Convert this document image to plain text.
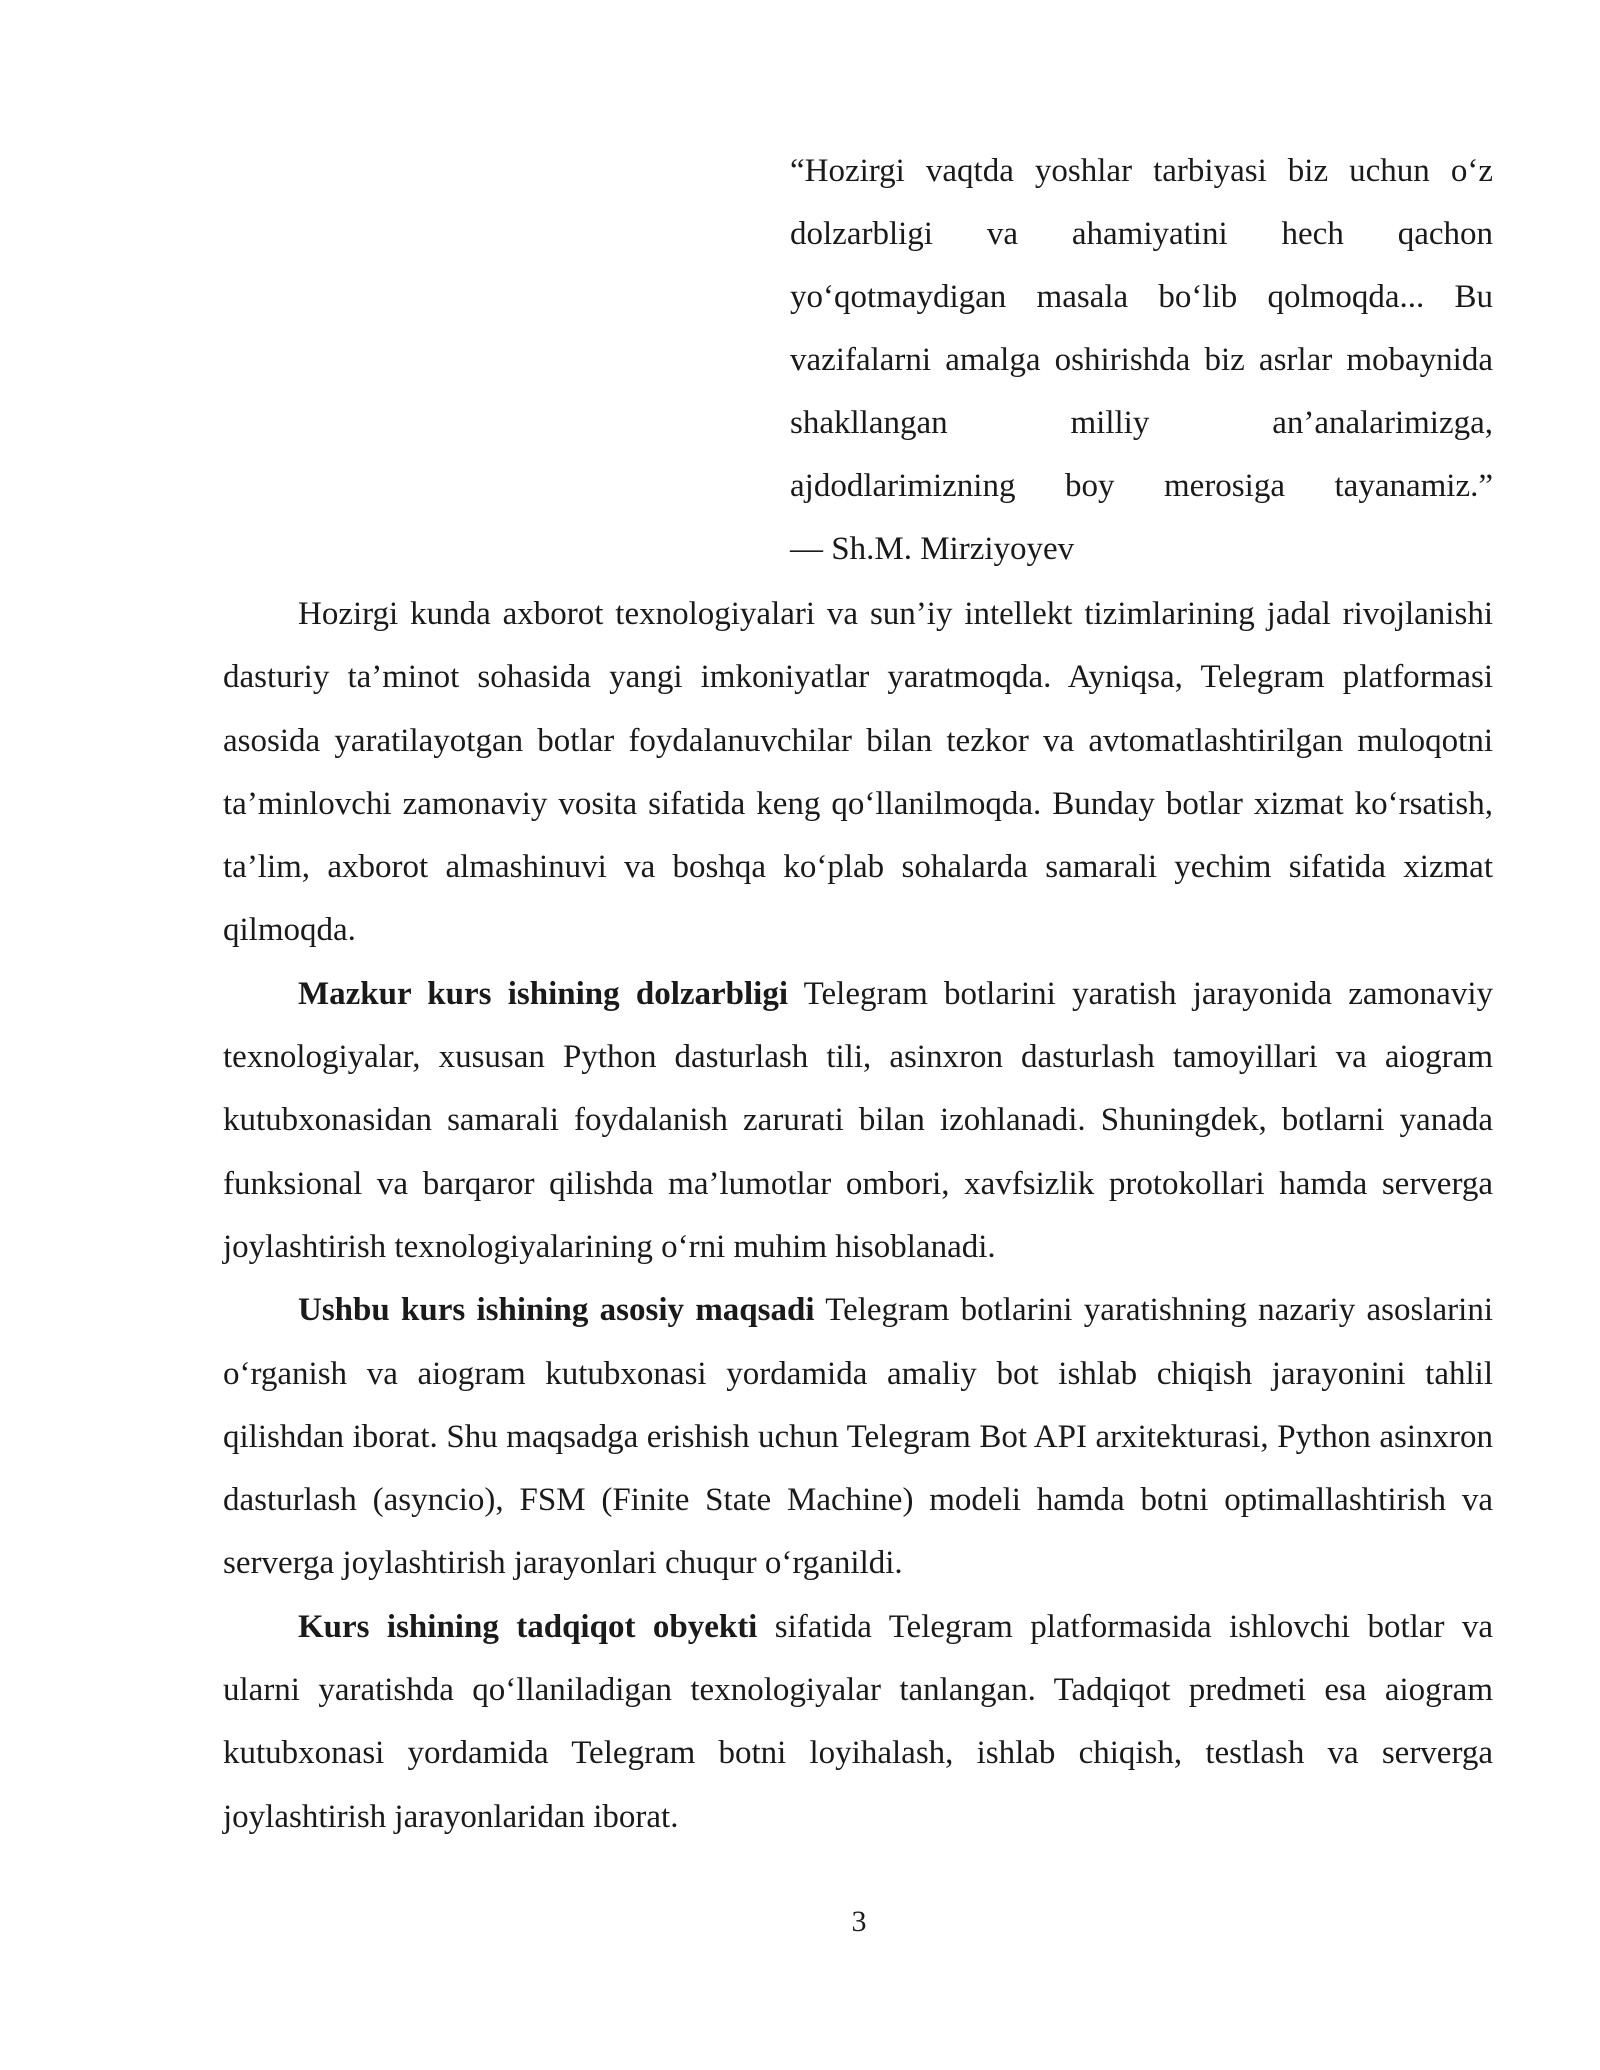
“Hozirgi vaqtda yoshlar tarbiyasi biz uchun o‘z dolzarbligi va ahamiyatini hech qachon yo‘qotmaydigan masala bo‘lib qolmoqda... Bu vazifalarni amalga oshirishda biz asrlar mobaynida shakllangan milliy an’analarimizga, ajdodlarimizning boy merosiga tayanamiz.”
— Sh.M. Mirziyoyev

Hozirgi kunda axborot texnologiyalari va sun’iy intellekt tizimlarining jadal rivojlanishi dasturiy ta’minot sohasida yangi imkoniyatlar yaratmoqda. Ayniqsa, Telegram platformasi asosida yaratilayotgan botlar foydalanuvchilar bilan tezkor va avtomatlashtirilgan muloqotni ta’minlovchi zamonaviy vosita sifatida keng qo‘llanilmoqda. Bunday botlar xizmat ko‘rsatish, ta’lim, axborot almashinuvi va boshqa ko‘plab sohalarda samarali yechim sifatida xizmat qilmoqda.

Mazkur kurs ishining dolzarbligi Telegram botlarini yaratish jarayonida zamonaviy texnologiyalar, xususan Python dasturlash tili, asinxron dasturlash tamoyillari va aiogram kutubxonasidan samarali foydalanish zarurati bilan izohlanadi. Shuningdek, botlarni yanada funksional va barqaror qilishda ma’lumotlar ombori, xavfsizlik protokollari hamda serverga joylashtirish texnologiyalarining o‘rni muhim hisoblanadi.

Ushbu kurs ishining asosiy maqsadi Telegram botlarini yaratishning nazariy asoslarini o‘rganish va aiogram kutubxonasi yordamida amaliy bot ishlab chiqish jarayonini tahlil qilishdan iborat. Shu maqsadga erishish uchun Telegram Bot API arxitekturasi, Python asinxron dasturlash (asyncio), FSM (Finite State Machine) modeli hamda botni optimallashtirish va serverga joylashtirish jarayonlari chuqur o‘rganildi.

Kurs ishining tadqiqot obyekti sifatida Telegram platformasida ishlovchi botlar va ularni yaratishda qo‘llaniladigan texnologiyalar tanlangan. Tadqiqot predmeti esa aiogram kutubxonasi yordamida Telegram botni loyihalash, ishlab chiqish, testlash va serverga joylashtirish jarayonlaridan iborat.

3
